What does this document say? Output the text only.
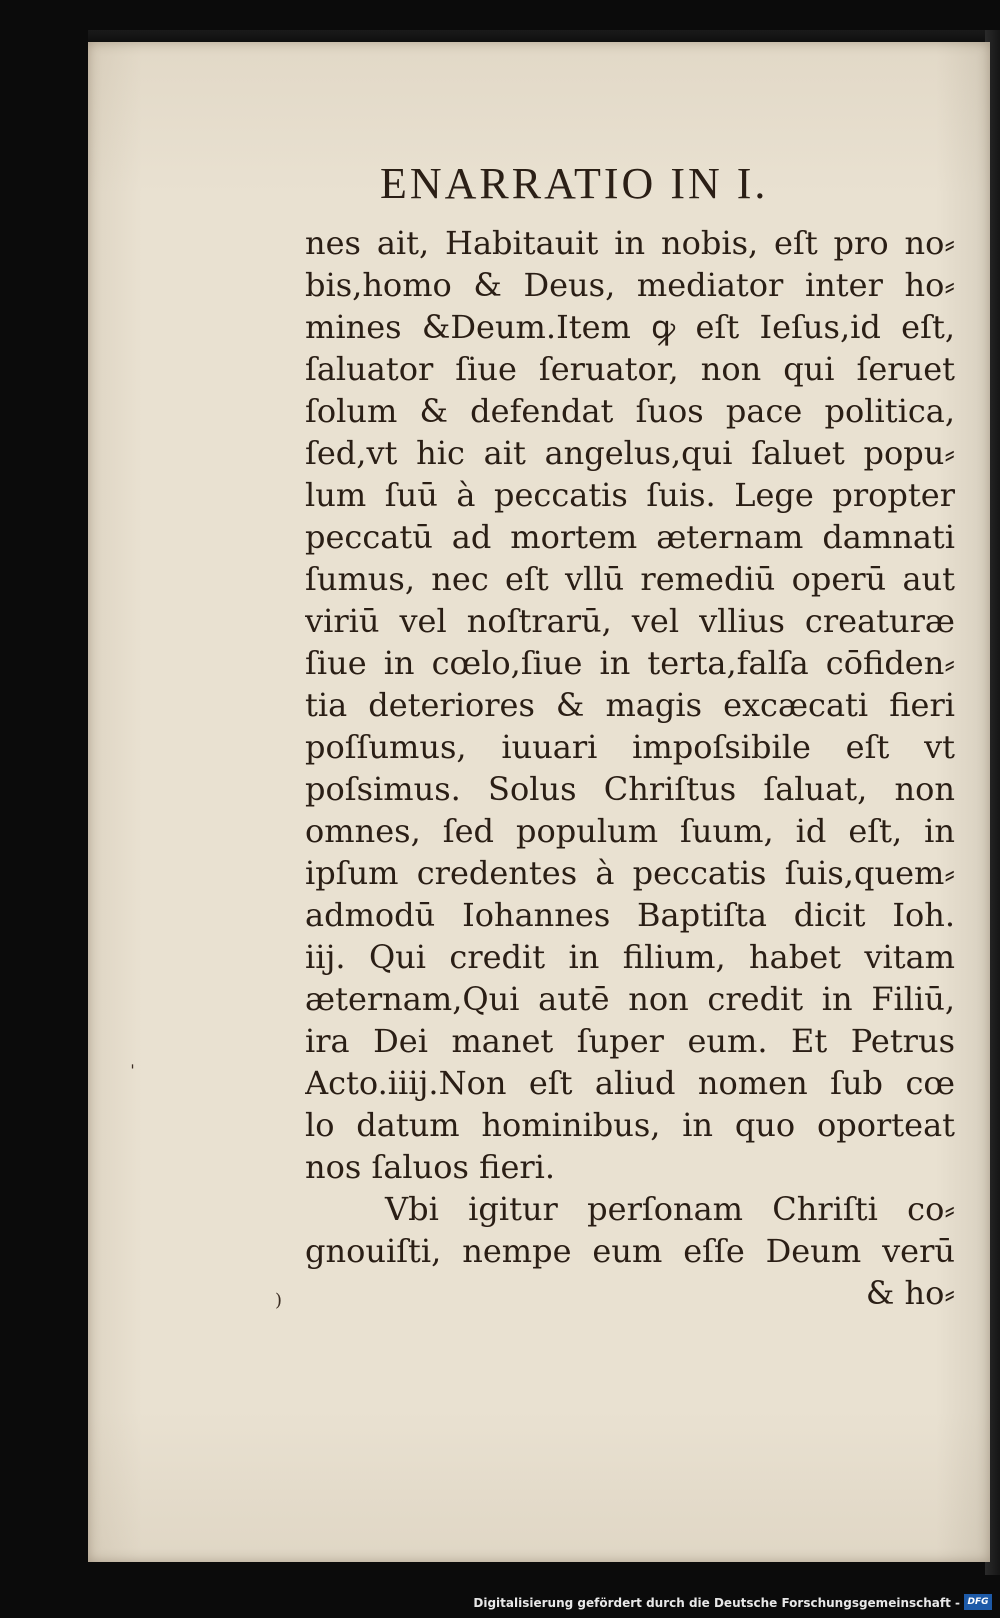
ENARRATIO IN I.
nes ait, Habitauit in nobis, eſt pro no⸗
bis,homo & Deus, mediator inter ho⸗
mines &Deum.Item ꝙ eſt Ieſus,id eſt,
ſaluator ſiue ſeruator, non qui ſeruet
ſolum & defendat ſuos pace politica,
ſed,vt hic ait angelus,qui ſaluet popu⸗
lum ſuū à peccatis ſuis. Lege propter
peccatū ad mortem æternam damnati
ſumus, nec eſt vllū remediū operū aut
viriū vel noſtrarū, vel vllius creaturæ
ſiue in cœlo,ſiue in terta,falſa cōfiden⸗
tia deteriores & magis excæcati fieri
poſſumus, iuuari impoſsibile eſt vt
poſsimus. Solus Chriſtus ſaluat, non
omnes, ſed populum ſuum, id eſt, in
ipſum credentes à peccatis ſuis,quem⸗
admodū Iohannes Baptiſta dicit Ioh.
iij. Qui credit in filium, habet vitam
æternam,Qui autē non credit in Filiū,
ira Dei manet ſuper eum. Et Petrus
Acto.iiij.Non eſt aliud nomen ſub cœ
lo datum hominibus, in quo oporteat
nos ſaluos fieri.
Vbi igitur perſonam Chriſti co⸗
gnouiſti, nempe eum eſſe Deum verū
& ho⸗
ˈ
)
Digitalisierung gefördert durch die Deutsche Forschungsgemeinschaft - DFG
